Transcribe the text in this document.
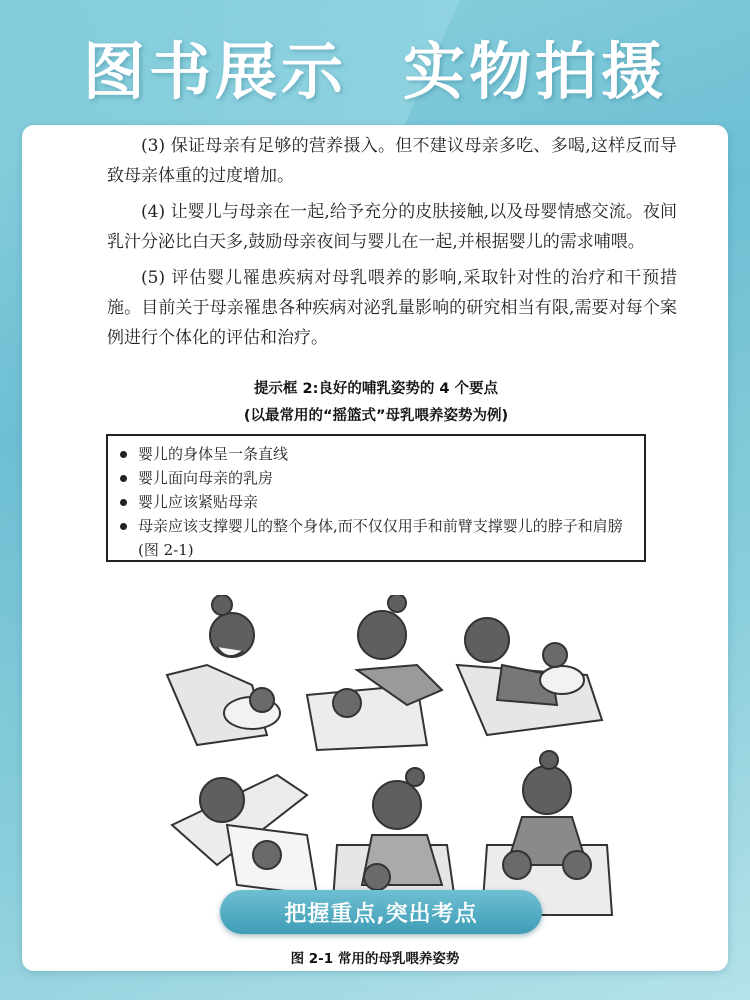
图书展示 实物拍摄

(3) 保证母亲有足够的营养摄入。但不建议母亲多吃、多喝,这样反而导致母亲体重的过度增加。

(4) 让婴儿与母亲在一起,给予充分的皮肤接触,以及母婴情感交流。夜间乳汁分泌比白天多,鼓励母亲夜间与婴儿在一起,并根据婴儿的需求哺喂。

(5) 评估婴儿罹患疾病对母乳喂养的影响,采取针对性的治疗和干预措施。目前关于母亲罹患各种疾病对泌乳量影响的研究相当有限,需要对每个案例进行个体化的评估和治疗。

提示框 2:良好的哺乳姿势的 4 个要点
(以最常用的“摇篮式”母乳喂养姿势为例)
婴儿的身体呈一条直线
婴儿面向母亲的乳房
婴儿应该紧贴母亲
母亲应该支撑婴儿的整个身体,而不仅仅用手和前臂支撑婴儿的脖子和肩膀(图 2-1)
把握重点,突出考点
图 2-1 常用的母乳喂养姿势
